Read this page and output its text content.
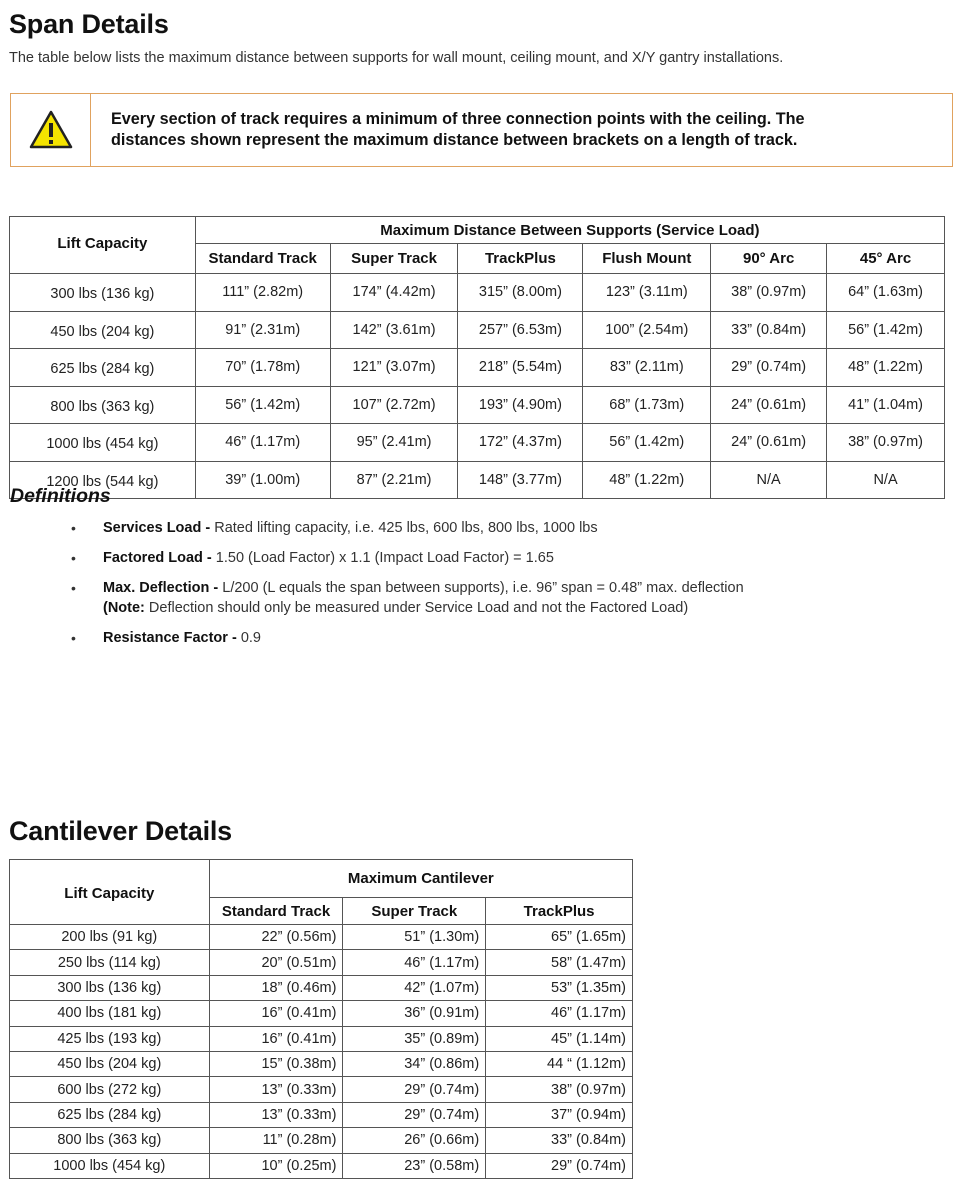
Span Details
The table below lists the maximum distance between supports for wall mount, ceiling mount, and X/Y gantry installations.
Every section of track requires a minimum of three connection points with the ceiling. The
distances shown represent the maximum distance between brackets on a length of track.
Lift Capacity	Maximum Distance Between Supports (Service Load)					
	Standard Track	Super Track	TrackPlus	Flush Mount	90° Arc	45° Arc
300 lbs (136 kg)	111” (2.82m)	174” (4.42m)	315” (8.00m)	123” (3.11m)	38” (0.97m)	64” (1.63m)
450 lbs (204 kg)	91” (2.31m)	142” (3.61m)	257” (6.53m)	100” (2.54m)	33” (0.84m)	56” (1.42m)
625 lbs (284 kg)	70” (1.78m)	121” (3.07m)	218” (5.54m)	83” (2.11m)	29” (0.74m)	48” (1.22m)
800 lbs (363 kg)	56” (1.42m)	107” (2.72m)	193” (4.90m)	68” (1.73m)	24” (0.61m)	41” (1.04m)
1000 lbs (454 kg)	46” (1.17m)	95” (2.41m)	172” (4.37m)	56” (1.42m)	24” (0.61m)	38” (0.97m)
1200 lbs (544 kg)	39” (1.00m)	87” (2.21m)	148” (3.77m)	48” (1.22m)	N/A	N/A
Definitions
• Services Load - Rated lifting capacity, i.e. 425 lbs, 600 lbs, 800 lbs, 1000 lbs
• Factored Load - 1.50 (Load Factor) x 1.1 (Impact Load Factor) = 1.65
• Max. Deflection - L/200 (L equals the span between supports), i.e. 96” span = 0.48” max. deflection
(Note: Deflection should only be measured under Service Load and not the Factored Load)
• Resistance Factor - 0.9
Cantilever Details
Lift Capacity	Maximum Cantilever		
	Standard Track	Super Track	TrackPlus
200 lbs (91 kg)	22” (0.56m)	51” (1.30m)	65” (1.65m)
250 lbs (114 kg)	20” (0.51m)	46” (1.17m)	58” (1.47m)
300 lbs (136 kg)	18” (0.46m)	42” (1.07m)	53” (1.35m)
400 lbs (181 kg)	16” (0.41m)	36” (0.91m)	46” (1.17m)
425 lbs (193 kg)	16” (0.41m)	35” (0.89m)	45” (1.14m)
450 lbs (204 kg)	15” (0.38m)	34” (0.86m)	44 “ (1.12m)
600 lbs (272 kg)	13” (0.33m)	29” (0.74m)	38” (0.97m)
625 lbs (284 kg)	13” (0.33m)	29” (0.74m)	37” (0.94m)
800 lbs (363 kg)	11” (0.28m)	26” (0.66m)	33” (0.84m)
1000 lbs (454 kg)	10” (0.25m)	23” (0.58m)	29” (0.74m)
